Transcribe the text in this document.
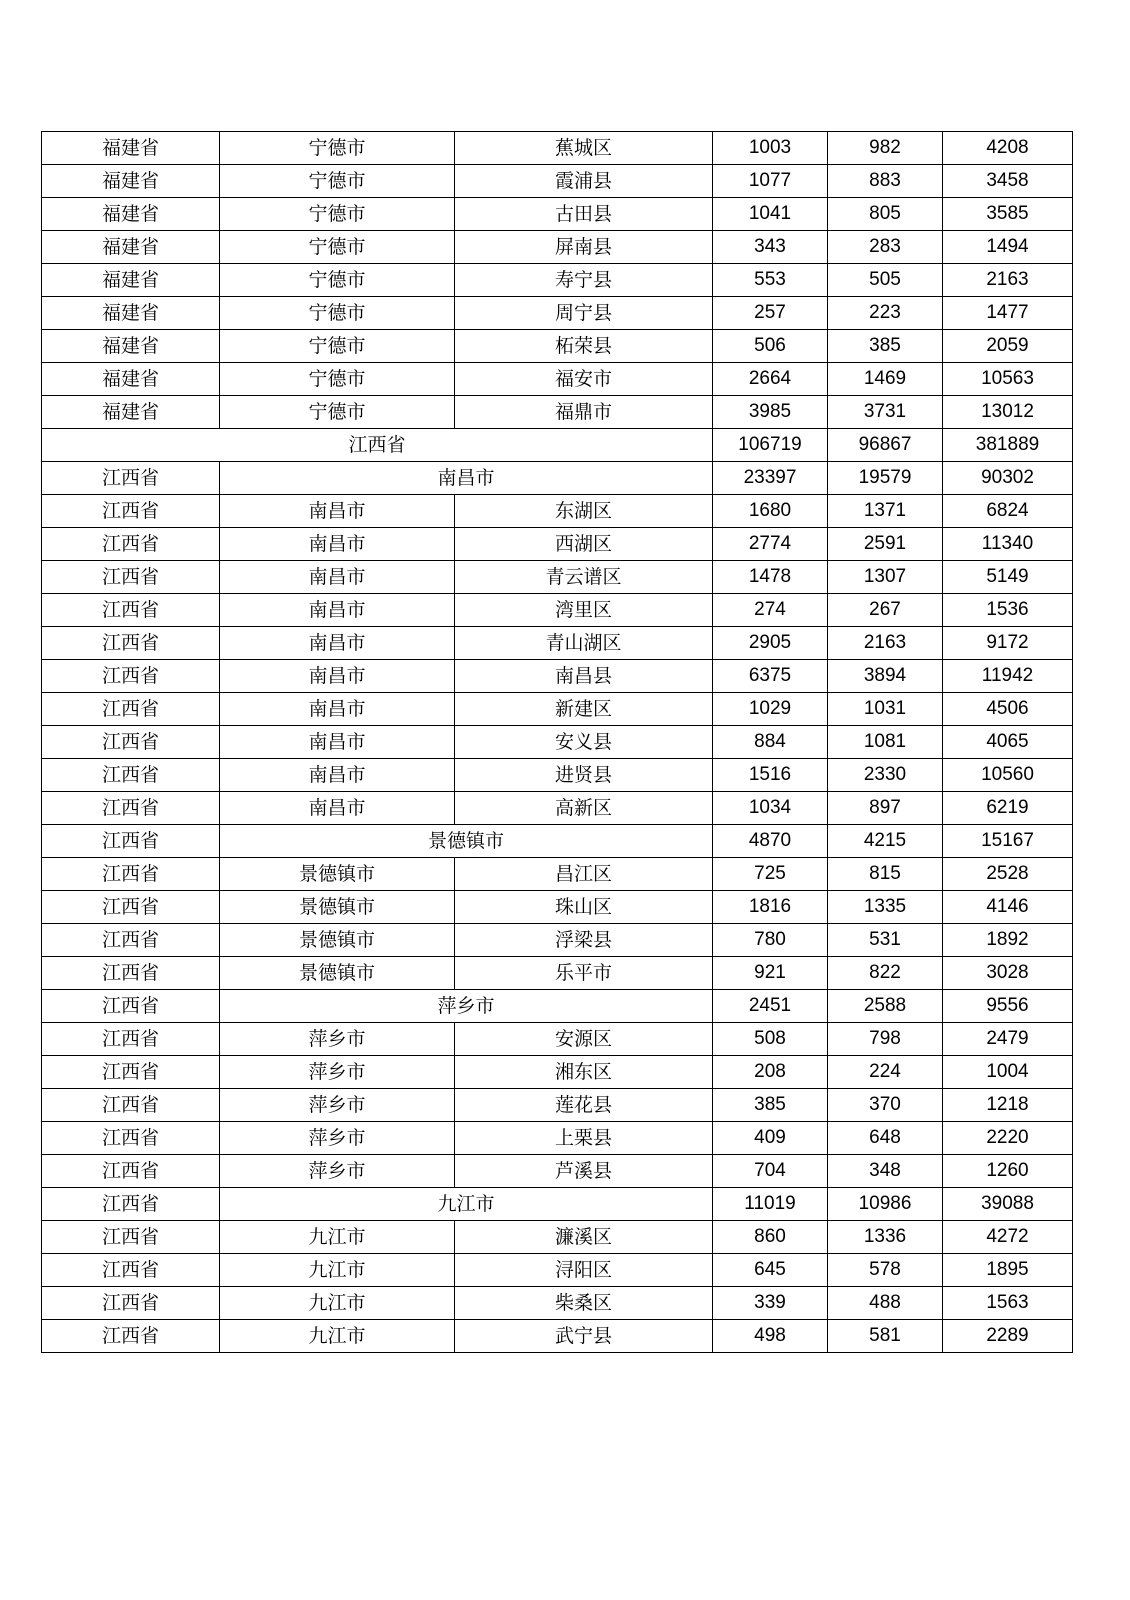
福建省	宁德市	蕉城区	1003	982	4208
福建省	宁德市	霞浦县	1077	883	3458
福建省	宁德市	古田县	1041	805	3585
福建省	宁德市	屏南县	343	283	1494
福建省	宁德市	寿宁县	553	505	2163
福建省	宁德市	周宁县	257	223	1477
福建省	宁德市	柘荣县	506	385	2059
福建省	宁德市	福安市	2664	1469	10563
福建省	宁德市	福鼎市	3985	3731	13012
江西省			106719	96867	381889
江西省	南昌市		23397	19579	90302
江西省	南昌市	东湖区	1680	1371	6824
江西省	南昌市	西湖区	2774	2591	11340
江西省	南昌市	青云谱区	1478	1307	5149
江西省	南昌市	湾里区	274	267	1536
江西省	南昌市	青山湖区	2905	2163	9172
江西省	南昌市	南昌县	6375	3894	11942
江西省	南昌市	新建区	1029	1031	4506
江西省	南昌市	安义县	884	1081	4065
江西省	南昌市	进贤县	1516	2330	10560
江西省	南昌市	高新区	1034	897	6219
江西省	景德镇市		4870	4215	15167
江西省	景德镇市	昌江区	725	815	2528
江西省	景德镇市	珠山区	1816	1335	4146
江西省	景德镇市	浮梁县	780	531	1892
江西省	景德镇市	乐平市	921	822	3028
江西省	萍乡市		2451	2588	9556
江西省	萍乡市	安源区	508	798	2479
江西省	萍乡市	湘东区	208	224	1004
江西省	萍乡市	莲花县	385	370	1218
江西省	萍乡市	上栗县	409	648	2220
江西省	萍乡市	芦溪县	704	348	1260
江西省	九江市		11019	10986	39088
江西省	九江市	濂溪区	860	1336	4272
江西省	九江市	浔阳区	645	578	1895
江西省	九江市	柴桑区	339	488	1563
江西省	九江市	武宁县	498	581	2289
